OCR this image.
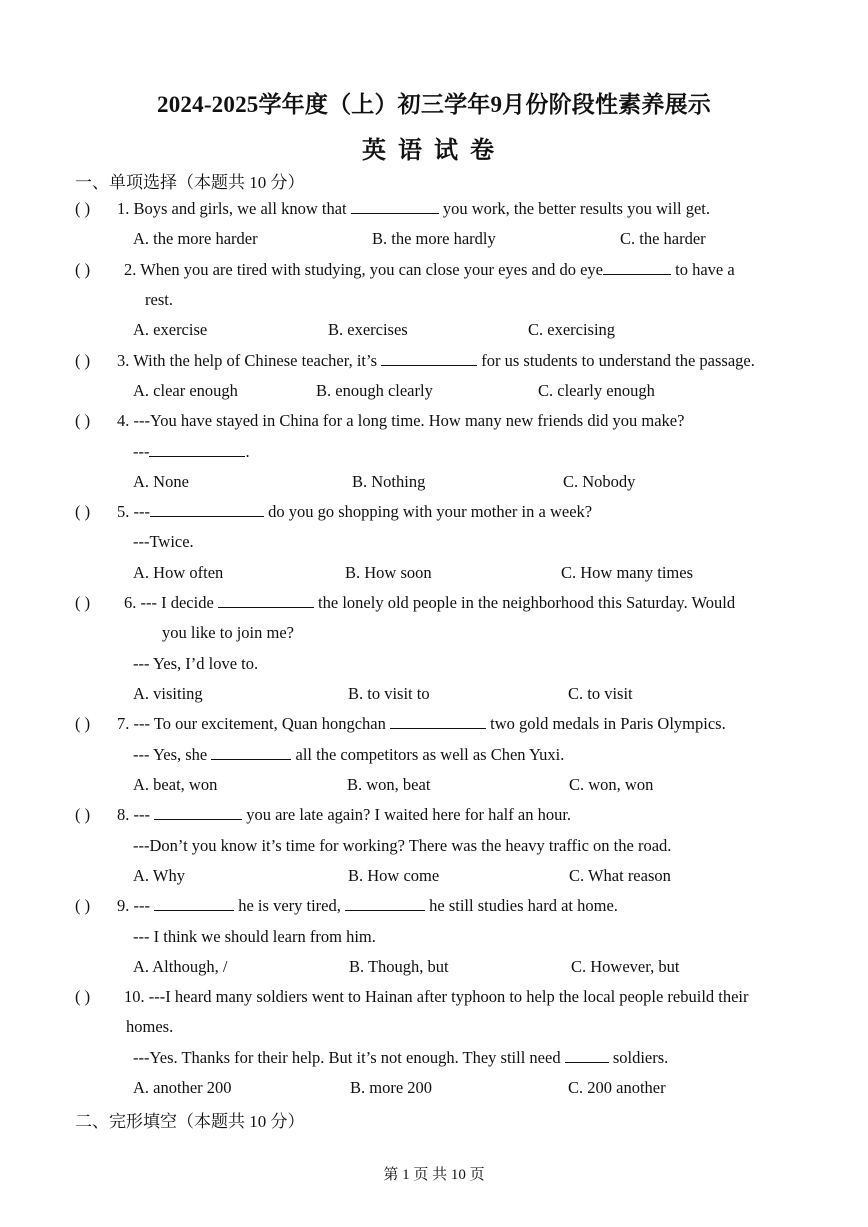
2024-2025学年度（上）初三学年9月份阶段性素养展示
英语试卷
一、单项选择（本题共 10 分）
( ) 1. Boys and girls, we all know that	you work, the better results you will get.
A. the more harder	B. the more hardly	C. the harder
( ) 2. When you are tired with studying, you can close your eyes and do eye	to have a
rest.
A. exercise	B. exercises	C. exercising
( ) 3. With the help of Chinese teacher, it’s	for us students to understand the passage.
A. clear enough	B. enough clearly	C. clearly enough
( ) 4. ---You have stayed in China for a long time. How many new friends did you make?
---	.
A. None	B. Nothing	C. Nobody
( ) 5. ---	do you go shopping with your mother in a week?
---Twice.
A. How often	B. How soon	C. How many times
( ) 6. --- I decide	the lonely old people in the neighborhood this Saturday. Would
you like to join me?
--- Yes, I’d love to.
A. visiting	B. to visit to	C. to visit
( ) 7. --- To our excitement, Quan hongchan	two gold medals in Paris Olympics.
--- Yes, she	all the competitors as well as Chen Yuxi.
A. beat, won	B. won, beat	C. won, won
( ) 8. ---	you are late again? I waited here for half an hour.
---Don’t you know it’s time for working? There was the heavy traffic on the road.
A. Why	B. How come	C. What reason
( ) 9. ---	he is very tired,	he still studies hard at home.
--- I think we should learn from him.
A. Although, /	B. Though, but	C. However, but
( ) 10. ---I heard many soldiers went to Hainan after typhoon to help the local people rebuild their
homes.
---Yes. Thanks for their help. But it’s not enough. They still need	soldiers.
A. another 200	B. more 200	C. 200 another
二、完形填空（本题共 10 分）
第 1 页 共 10 页
